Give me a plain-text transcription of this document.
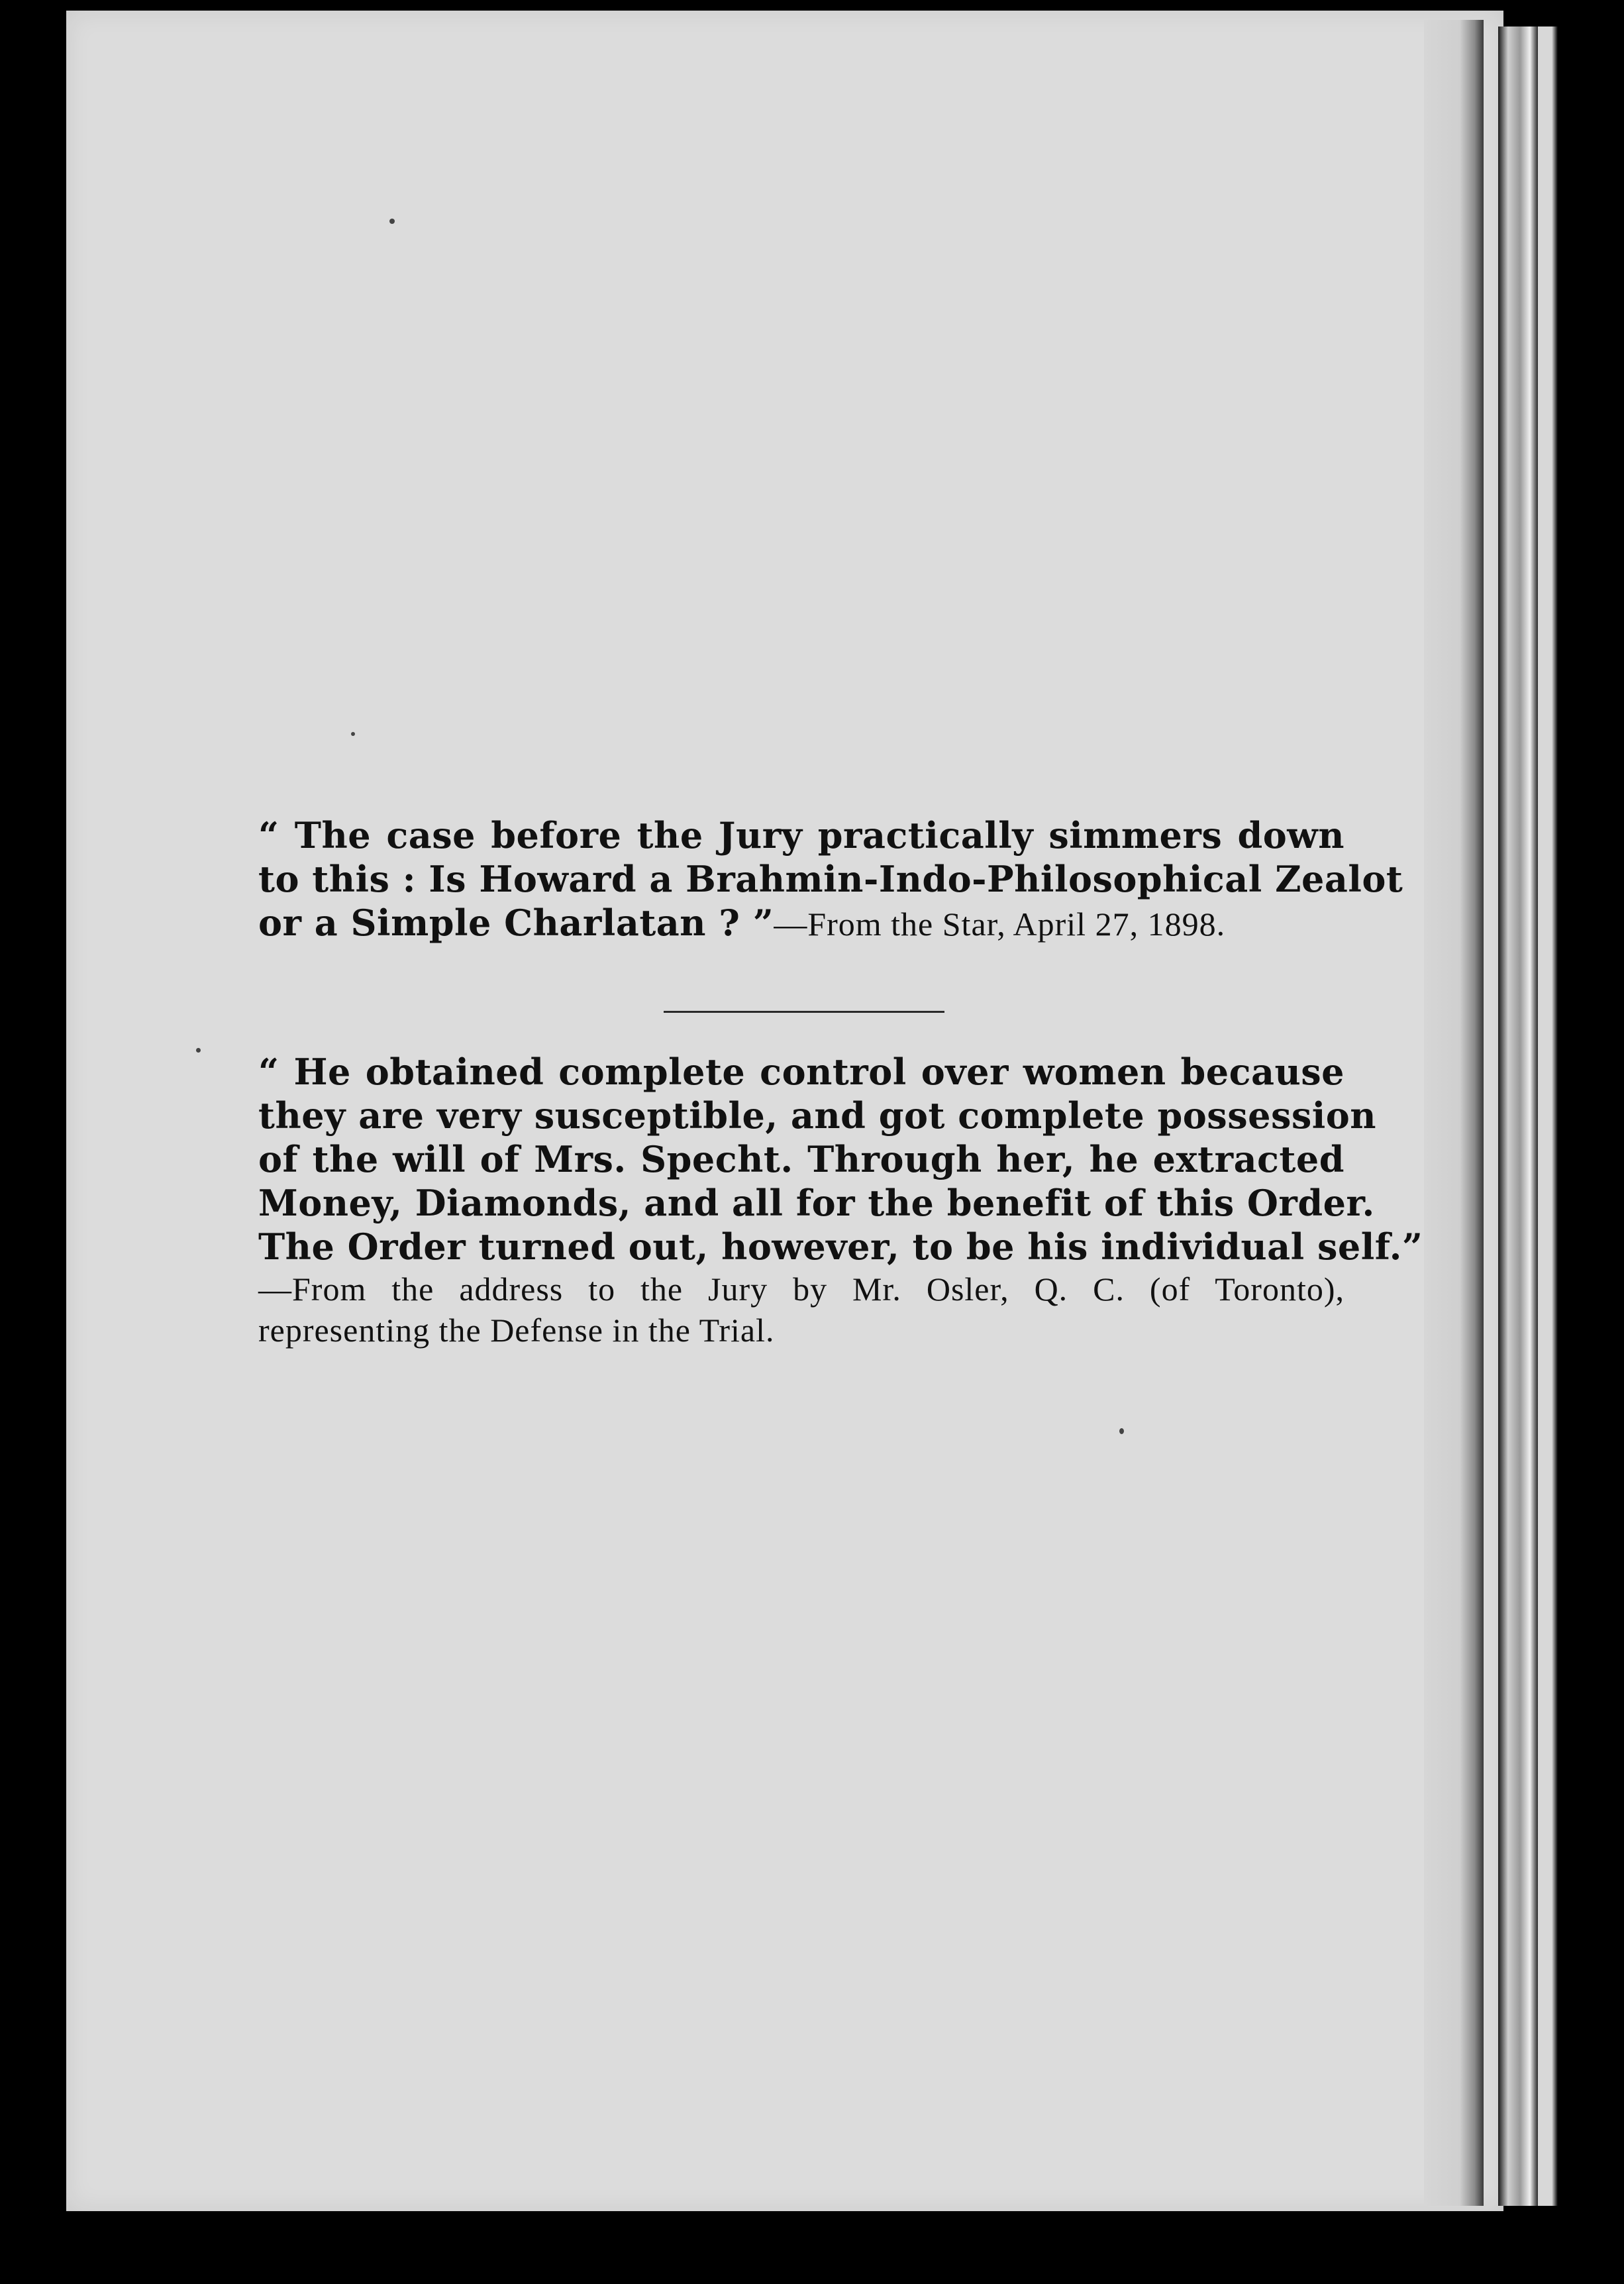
“ The case before the Jury practically simmers down
to this : Is Howard a Brahmin-Indo-Philosophical Zealot
or a Simple Charlatan ? ”—From the Star, April 27, 1898.
“ He obtained complete control over women because
they are very susceptible, and got complete possession
of the will of Mrs. Specht. Through her, he extracted
Money, Diamonds, and all for the benefit of this Order.
The Order turned out, however, to be his individual self.”
—From the address to the Jury by Mr. Osler, Q. C. (of Toronto),
representing the Defense in the Trial.
